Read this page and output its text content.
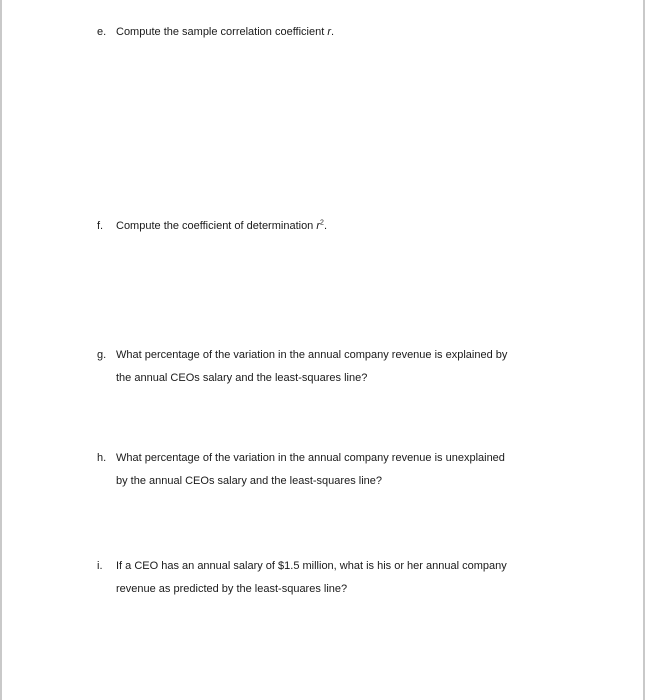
e. Compute the sample correlation coefficient r.
f. Compute the coefficient of determination $r^2$.
g. What percentage of the variation in the annual company revenue is explained by
the annual CEOs salary and the least-squares line?
h. What percentage of the variation in the annual company revenue is unexplained
by the annual CEOs salary and the least-squares line?
i. If a CEO has an annual salary of $1.5 million, what is his or her annual company
revenue as predicted by the least-squares line?
